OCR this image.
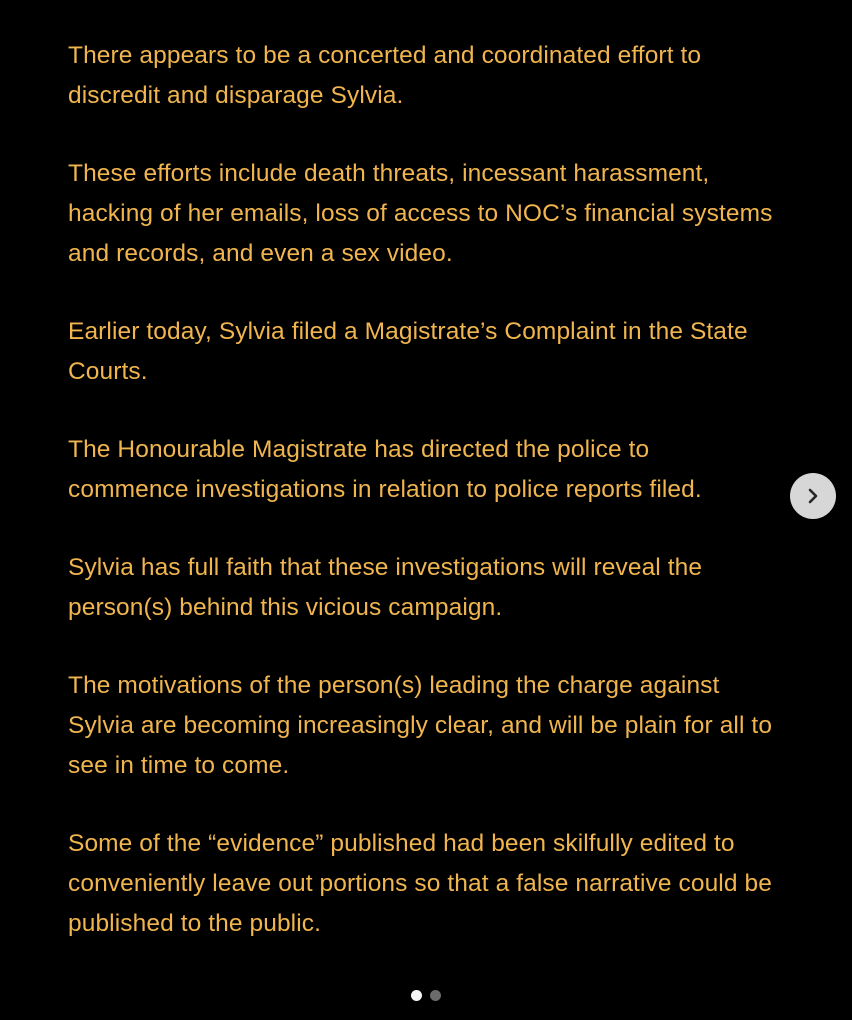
There appears to be a concerted and coordinated effort to discredit and disparage Sylvia.

These efforts include death threats, incessant harassment, hacking of her emails, loss of access to NOC’s financial systems and records, and even a sex video.

Earlier today, Sylvia filed a Magistrate’s Complaint in the State Courts.

The Honourable Magistrate has directed the police to commence investigations in relation to police reports filed.

Sylvia has full faith that these investigations will reveal the person(s) behind this vicious campaign.

The motivations of the person(s) leading the charge against Sylvia are becoming increasingly clear, and will be plain for all to see in time to come.

Some of the “evidence” published had been skilfully edited to conveniently leave out portions so that a false narrative could be published to the public.
